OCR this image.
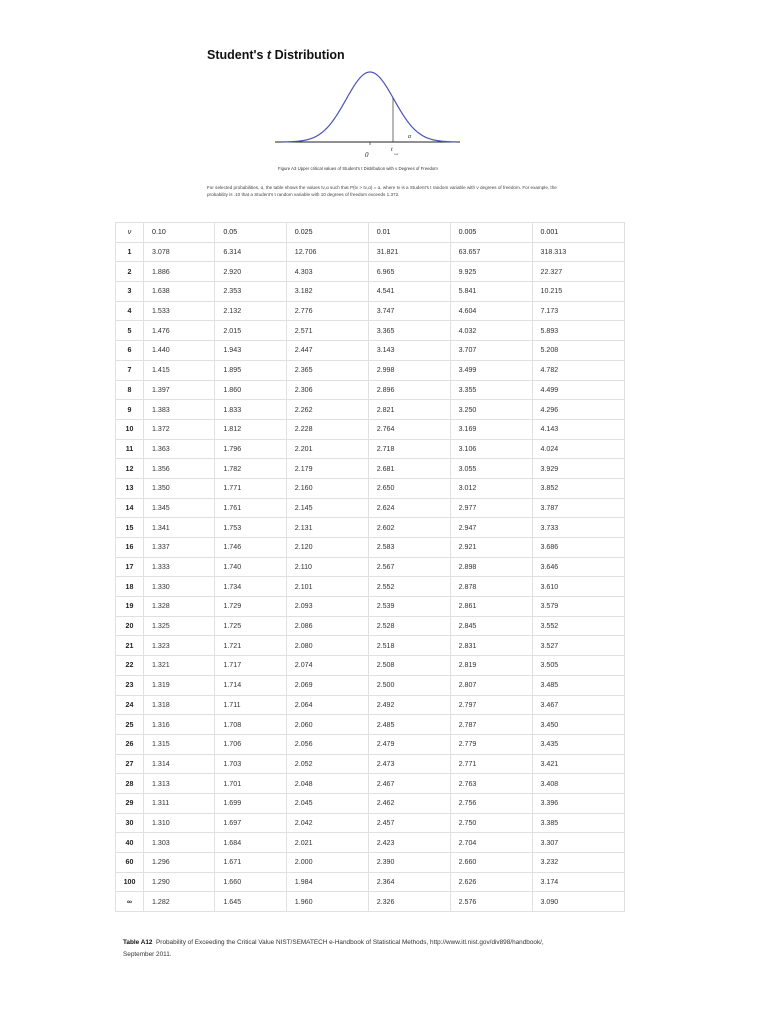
Student's t Distribution
0
t
ν,α
α
Figure A3 Upper critical values of Student's t Distribution with ν Degrees of Freedom
For selected probabilities, α, the table shows the values tν,α such that P(tν > tν,α) = α, where tν is a Student's t random variable with ν degrees of freedom. For example, the probability is .10 that a Student's t random variable with 10 degrees of freedom exceeds 1.372.
ν	0.10	0.05	0.025	0.01	0.005	0.001
1	3.078	6.314	12.706	31.821	63.657	318.313
2	1.886	2.920	4.303	6.965	9.925	22.327
3	1.638	2.353	3.182	4.541	5.841	10.215
4	1.533	2.132	2.776	3.747	4.604	7.173
5	1.476	2.015	2.571	3.365	4.032	5.893
6	1.440	1.943	2.447	3.143	3.707	5.208
7	1.415	1.895	2.365	2.998	3.499	4.782
8	1.397	1.860	2.306	2.896	3.355	4.499
9	1.383	1.833	2.262	2.821	3.250	4.296
10	1.372	1.812	2.228	2.764	3.169	4.143
11	1.363	1.796	2.201	2.718	3.106	4.024
12	1.356	1.782	2.179	2.681	3.055	3.929
13	1.350	1.771	2.160	2.650	3.012	3.852
14	1.345	1.761	2.145	2.624	2.977	3.787
15	1.341	1.753	2.131	2.602	2.947	3.733
16	1.337	1.746	2.120	2.583	2.921	3.686
17	1.333	1.740	2.110	2.567	2.898	3.646
18	1.330	1.734	2.101	2.552	2.878	3.610
19	1.328	1.729	2.093	2.539	2.861	3.579
20	1.325	1.725	2.086	2.528	2.845	3.552
21	1.323	1.721	2.080	2.518	2.831	3.527
22	1.321	1.717	2.074	2.508	2.819	3.505
23	1.319	1.714	2.069	2.500	2.807	3.485
24	1.318	1.711	2.064	2.492	2.797	3.467
25	1.316	1.708	2.060	2.485	2.787	3.450
26	1.315	1.706	2.056	2.479	2.779	3.435
27	1.314	1.703	2.052	2.473	2.771	3.421
28	1.313	1.701	2.048	2.467	2.763	3.408
29	1.311	1.699	2.045	2.462	2.756	3.396
30	1.310	1.697	2.042	2.457	2.750	3.385
40	1.303	1.684	2.021	2.423	2.704	3.307
60	1.296	1.671	2.000	2.390	2.660	3.232
100	1.290	1.660	1.984	2.364	2.626	3.174
∞	1.282	1.645	1.960	2.326	2.576	3.090
Table A12 Probability of Exceeding the Critical Value NIST/SEMATECH e-Handbook of Statistical Methods, http://www.itl.nist.gov/div898/handbook/, September 2011.
